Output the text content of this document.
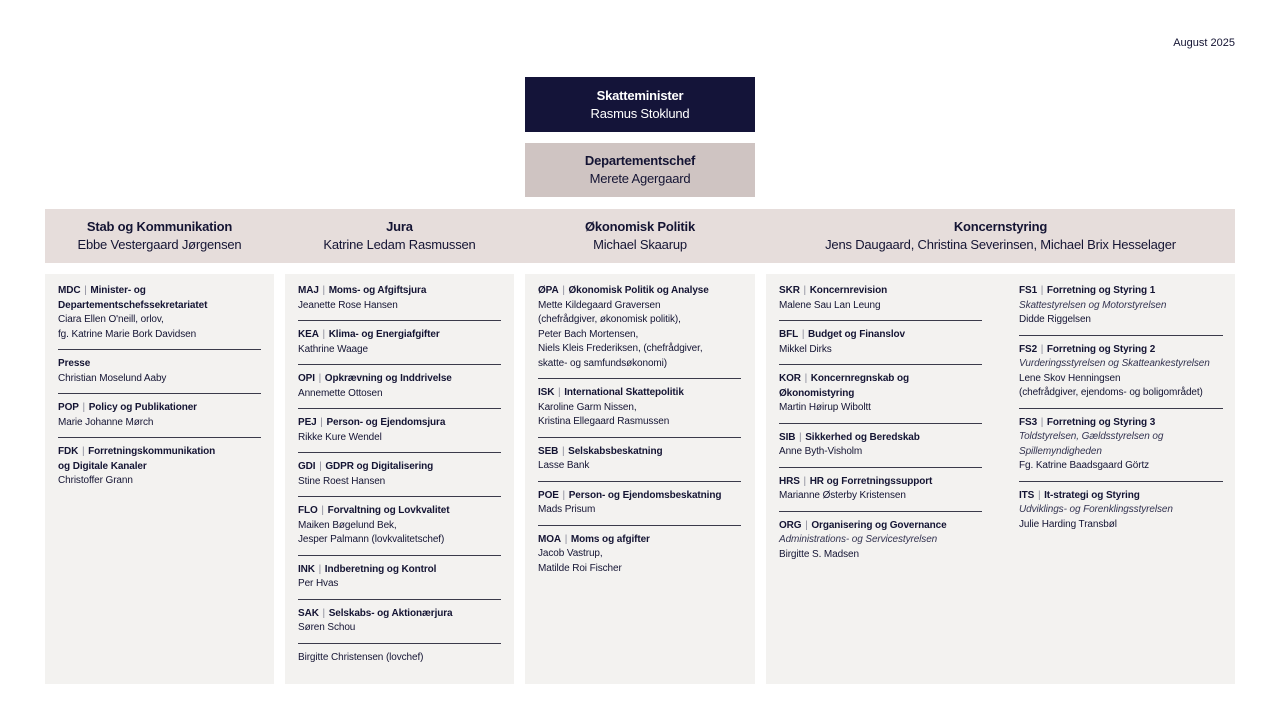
August 2025
Skatteminister
Rasmus Stoklund
Departementschef
Merete Agergaard
Stab og Kommunikation
Ebbe Vestergaard Jørgensen
Jura
Katrine Ledam Rasmussen
Økonomisk Politik
Michael Skaarup
Koncernstyring
Jens Daugaard, Christina Severinsen, Michael Brix Hesselager
MDC | Minister- og
Departementschefssekretariatet
Ciara Ellen O'neill, orlov,
fg. Katrine Marie Bork Davidsen
Presse
Christian Moselund Aaby
POP | Policy og Publikationer
Marie Johanne Mørch
FDK | Forretningskommunikation
og Digitale Kanaler
Christoffer Grann
MAJ | Moms- og Afgiftsjura
Jeanette Rose Hansen
KEA | Klima- og Energiafgifter
Kathrine Waage
OPI | Opkrævning og Inddrivelse
Annemette Ottosen
PEJ | Person- og Ejendomsjura
Rikke Kure Wendel
GDI | GDPR og Digitalisering
Stine Roest Hansen
FLO | Forvaltning og Lovkvalitet
Maiken Bøgelund Bek,
Jesper Palmann (lovkvalitetschef)
INK | Indberetning og Kontrol
Per Hvas
SAK | Selskabs- og Aktionærjura
Søren Schou
Birgitte Christensen (lovchef)
ØPA | Økonomisk Politik og Analyse
Mette Kildegaard Graversen
(chefrådgiver, økonomisk politik),
Peter Bach Mortensen,
Niels Kleis Frederiksen, (chefrådgiver,
skatte- og samfundsøkonomi)
ISK | International Skattepolitik
Karoline Garm Nissen,
Kristina Ellegaard Rasmussen
SEB | Selskabsbeskatning
Lasse Bank
POE | Person- og Ejendomsbeskatning
Mads Prisum
MOA | Moms og afgifter
Jacob Vastrup,
Matilde Roi Fischer
SKR | Koncernrevision
Malene Sau Lan Leung
BFL | Budget og Finanslov
Mikkel Dirks
KOR | Koncernregnskab og Økonomistyring
Martin Høirup Wiboltt
SIB | Sikkerhed og Beredskab
Anne Byth-Visholm
HRS | HR og Forretningssupport
Marianne Østerby Kristensen
ORG | Organisering og Governance
Administrations- og Servicestyrelsen
Birgitte S. Madsen
FS1 | Forretning og Styring 1
Skattestyrelsen og Motorstyrelsen
Didde Riggelsen
FS2 | Forretning og Styring 2
Vurderingsstyrelsen og Skatteankestyrelsen
Lene Skov Henningsen
(chefrådgiver, ejendoms- og boligområdet)
FS3 | Forretning og Styring 3
Toldstyrelsen, Gældsstyrelsen og
Spillemyndigheden
Fg. Katrine Baadsgaard Görtz
ITS | It-strategi og Styring
Udviklings- og Forenklingsstyrelsen
Julie Harding Transbøl
